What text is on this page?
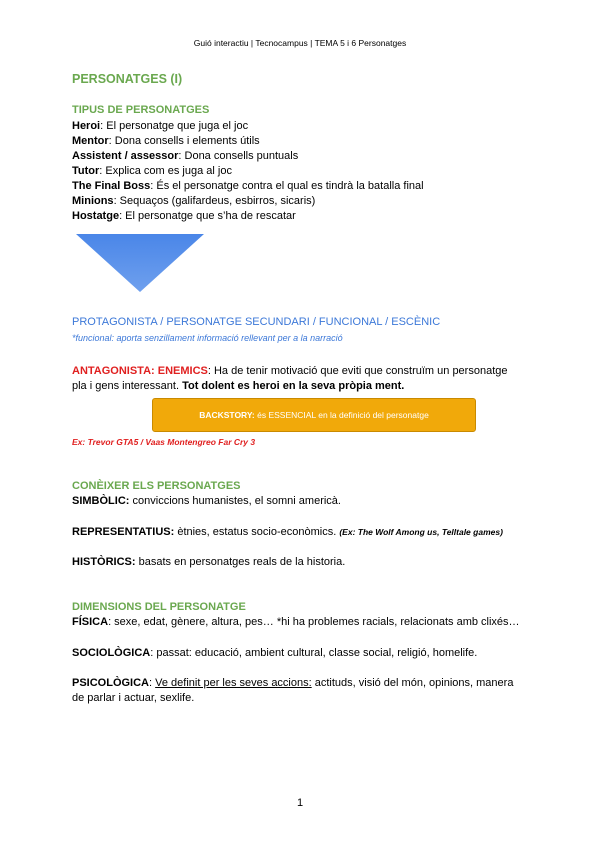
Guió interactiu | Tecnocampus | TEMA 5 i 6 Personatges
PERSONATGES (I)
TIPUS DE PERSONATGES
Heroi: El personatge que juga el joc
Mentor: Dona consells i elements útils
Assistent / assessor: Dona consells puntuals
Tutor: Explica com es juga al joc
The Final Boss: És el personatge contra el qual es tindrà la batalla final
Minions: Sequaços (galifardeus, esbirros, sicaris)
Hostatge: El personatge que s’ha de rescatar
PROTAGONISTA / PERSONATGE SECUNDARI / FUNCIONAL / ESCÈNIC
*funcional: aporta senzillament informació rellevant per a la narració
ANTAGONISTA: ENEMICS: Ha de tenir motivació que eviti que construïm un personatge
pla i gens interessant. Tot dolent es heroi en la seva pròpia ment.
BACKSTORY: és ESSENCIAL en la definició del personatge
Ex: Trevor GTA5 / Vaas Montengreo Far Cry 3
CONÈIXER ELS PERSONATGES
SIMBÒLIC: conviccions humanistes, el somni americà.
REPRESENTATIUS: ètnies, estatus socio-econòmics. (Ex: The Wolf Among us, Telltale games)
HISTÒRICS: basats en personatges reals de la historia.
DIMENSIONS DEL PERSONATGE
FÍSICA: sexe, edat, gènere, altura, pes… *hi ha problemes racials, relacionats amb clixés…
SOCIOLÒGICA: passat: educació, ambient cultural, classe social, religió, homelife.
PSICOLÒGICA: Ve definit per les seves accions: actituds, visió del món, opinions, manera
de parlar i actuar, sexlife.
1
